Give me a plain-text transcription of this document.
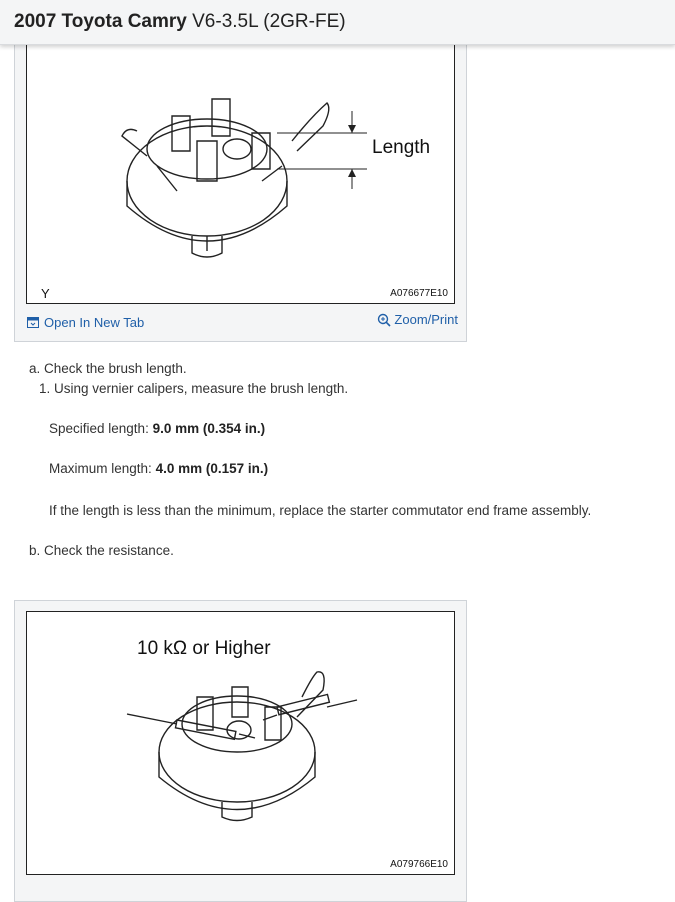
2007 Toyota Camry V6-3.5L (2GR-FE)
Length
Y	A076677E10
Open In New Tab	Zoom/Print
a. Check the brush length.
1. Using vernier calipers, measure the brush length.
Specified length: 9.0 mm (0.354 in.)
Maximum length: 4.0 mm (0.157 in.)
If the length is less than the minimum, replace the starter commutator end frame assembly.
b. Check the resistance.
10 kΩ or Higher
A079766E10
